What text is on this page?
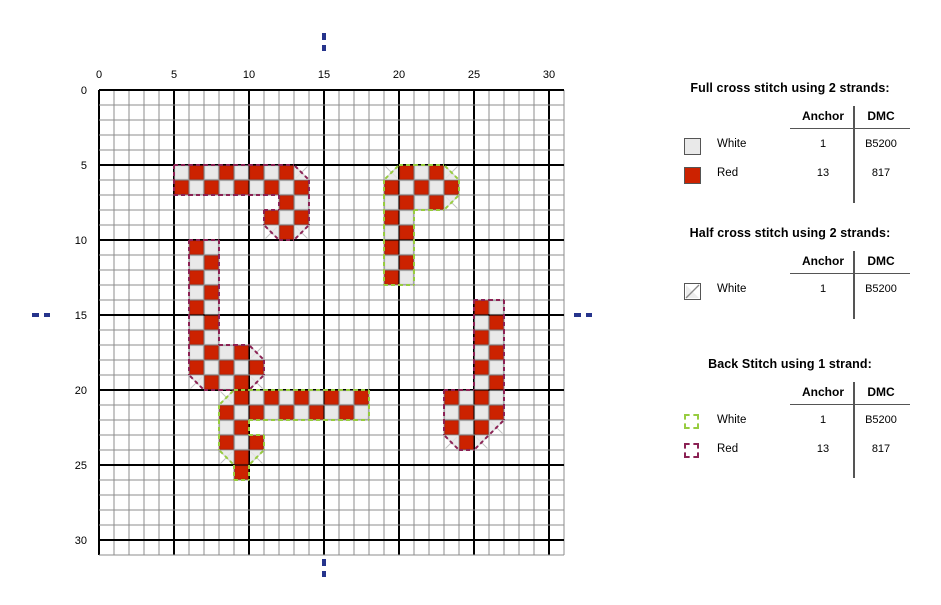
0	5	10	15	20	25	30
0
5
10
15
20
25
30
Full cross stitch using 2 strands:
Anchor	DMC
White	1	B5200
Red	13	817
Half cross stitch using 2 strands:
Anchor	DMC
White	1	B5200
Back Stitch using 1 strand:
Anchor	DMC
White	1	B5200
Red	13	817
